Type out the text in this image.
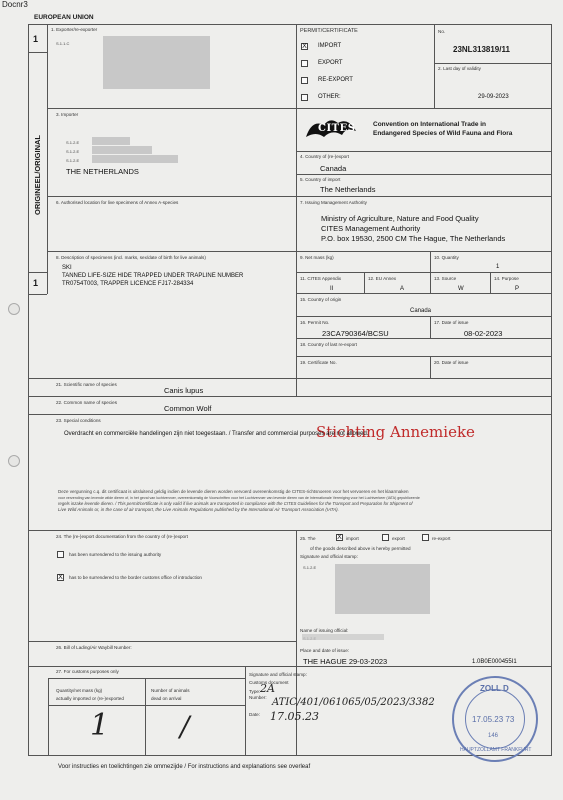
Docnr3
EUROPEAN UNION
1
ORIGINEEL/ORIGINAL
1
1. Exporter/re-exporter
S.1.1.C
PERMIT/CERTIFICATE
X IMPORT
EXPORT
RE-EXPORT
OTHER:
No.
23NL313819/11
2. Last day of validity
29-09-2023
3. Importer
S.1.2.E
S.1.2.E
S.1.2.E
THE NETHERLANDS
CITES	Convention on International Trade in
Endangered Species of Wild Fauna and Flora
4. Country of (re-)export
Canada
5. Country of import
The Netherlands
6. Authorised location for live specimens of Annex A-species	7. Issuing Management Authority
Ministry of Agriculture, Nature and Food Quality
CITES Management Authority
P.O. box 19530, 2500 CM The Hague, The Netherlands
8. Description of specimens (incl. marks, sex/date of birth for live animals)
SKI
TANNED LIFE-SIZE HIDE TRAPPED UNDER TRAPLINE NUMBER
TR0754T003, TRAPPER LICENCE FJ17-284334
9. Net mass (kg)	10. Quantity
1
11. CITES Appendix
II
12. EU Annex
A
13. Source
W
14. Purpose
P
15. Country of origin
Canada
16. Permit No.
23CA790364/BCSU
17. Date of issue
08-02-2023
18. Country of last re-export
19. Certificate No.	20. Date of issue
21. Scientific name of species
Canis lupus
22. Common name of species
Common Wolf
Stichting Annemieke
23. Special conditions
Overdracht en commerciële handelingen zijn niet toegestaan. / Transfer and commercial purposes are not allowed.
Deze vergunning c.q. dit certificaat is uitsluitend geldig indien de levende dieren worden vervoerd overeenkomstig de CITES-richtsnoeren voor het vervoeren en het klaarmaken
voor verzending van levende wilde dieren of, in het geval van luchtvervoer, overeenkomstig de Voorschriften voor het Luchtvervoer van levende dieren van de Internationale Vereniging voor het Luchtverkeer (IATA) gepubliceerde
regels inzake levende dieren. / This permit/certificate is only valid if live animals are transported in compliance with the CITES Guidelines for the Transport and Preparation for Shipment of
Live Wild Animals or, in the case of air transport, the Live Animals Regulations published by the International Air Transport Association (IATA).
24. The (re-)export documentation from the country of (re-)export
has been surrendered to the issuing authority
X has to be surrendered to the border customs office of introduction
25. The	X import	export	re-export
of the goods described above is hereby permitted
Signature and official stamp:
S.1.2.E
Name of issuing official:
Place and date of issue:
THE HAGUE 29-03-2023	1.0B0E000455I1
26. Bill of Lading/Air Waybill Number:
27. For customs purposes only
Quantity/net mass (kg)
actually imported or (re-)exported
Number of animals
dead on arrival
1	/
Signature and official stamp:
Customs document
Type: 2A
Number: ATIC/401/061065/05/2023/3382
Date: 17.05.23
ZOLL D
17.05.23 73
146
HAUPTZOLLAMT FRANKFURT
Voor instructies en toelichtingen zie ommezijde / For instructions and explanations see overleaf
